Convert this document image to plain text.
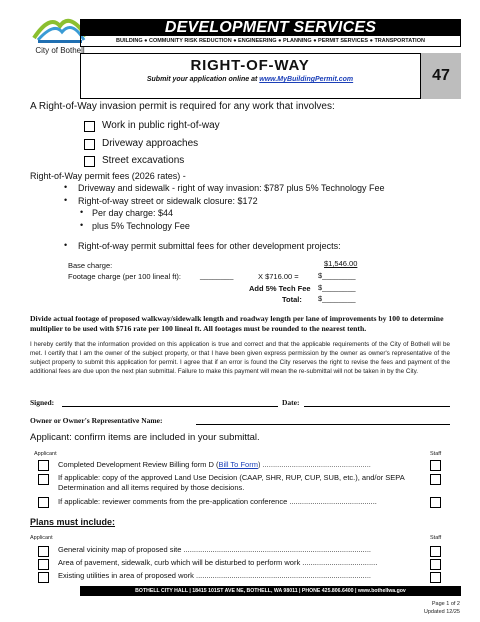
City of Bothell
DEVELOPMENT SERVICES
BUILDING ● COMMUNITY RISK REDUCTION ● ENGINEERING ● PLANNING ● PERMIT SERVICES ● TRANSPORTATION
RIGHT-OF-WAY
Submit your application online at www.MyBuildingPermit.com	47
A Right-of-Way invasion permit is required for any work that involves:
Work in public right-of-way
Driveway approaches
Street excavations
Right-of-Way permit fees (2026 rates) -
• Driveway and sidewalk - right of way invasion: $787 plus 5% Technology Fee
• Right-of-way street or sidewalk closure: $172
• Per day charge: $44
• plus 5% Technology Fee
• Right-of-way permit submittal fees for other development projects:
Base charge:	$1,546.00
Footage charge (per 100 lineal ft):	________	X $716.00 =	$________
Add 5% Tech Fee $________
Total: $________
Divide actual footage of proposed walkway/sidewalk length and roadway length per lane of improvements by 100 to determine multiplier to be used with $716 rate per 100 lineal ft. All footages must be rounded to the nearest tenth.
I hereby certify that the information provided on this application is true and correct and that the applicable requirements of the City of Bothell will be met. I certify that I am the owner of the subject property, or that I have been given express permission by the owner as owner's representative of the subject property to submit this application for permit. I agree that if an error is found the City reserves the right to revise the fees and payment of the additional fees are due upon the next plan submittal. Failure to make this payment will mean the re-submittal will not be taken in by the City.
Signed:	Date:
Owner or Owner's Representative Name:
Applicant: confirm items are included in your submittal.
Applicant	Staff
Completed Development Review Billing form D (Bill To Form) ....................................................
If applicable: copy of the approved Land Use Decision (CAAP, SHR, RUP, CUP, SUB, etc.), and/or SEPA Determination and all items required by those decisions.
If applicable: reviewer comments from the pre-application conference ..........................................
Plans must include:
Applicant	Staff
General vicinity map of proposed site ..........................................................................................
Area of pavement, sidewalk, curb which will be disturbed to perform work ....................................
Existing utilities in area of proposed work ....................................................................................
BOTHELL CITY HALL | 18415 101ST AVE NE, BOTHELL, WA 98011 | PHONE 425.806.6400 | www.bothellwa.gov
Page 1 of 2
Updated 12/25
